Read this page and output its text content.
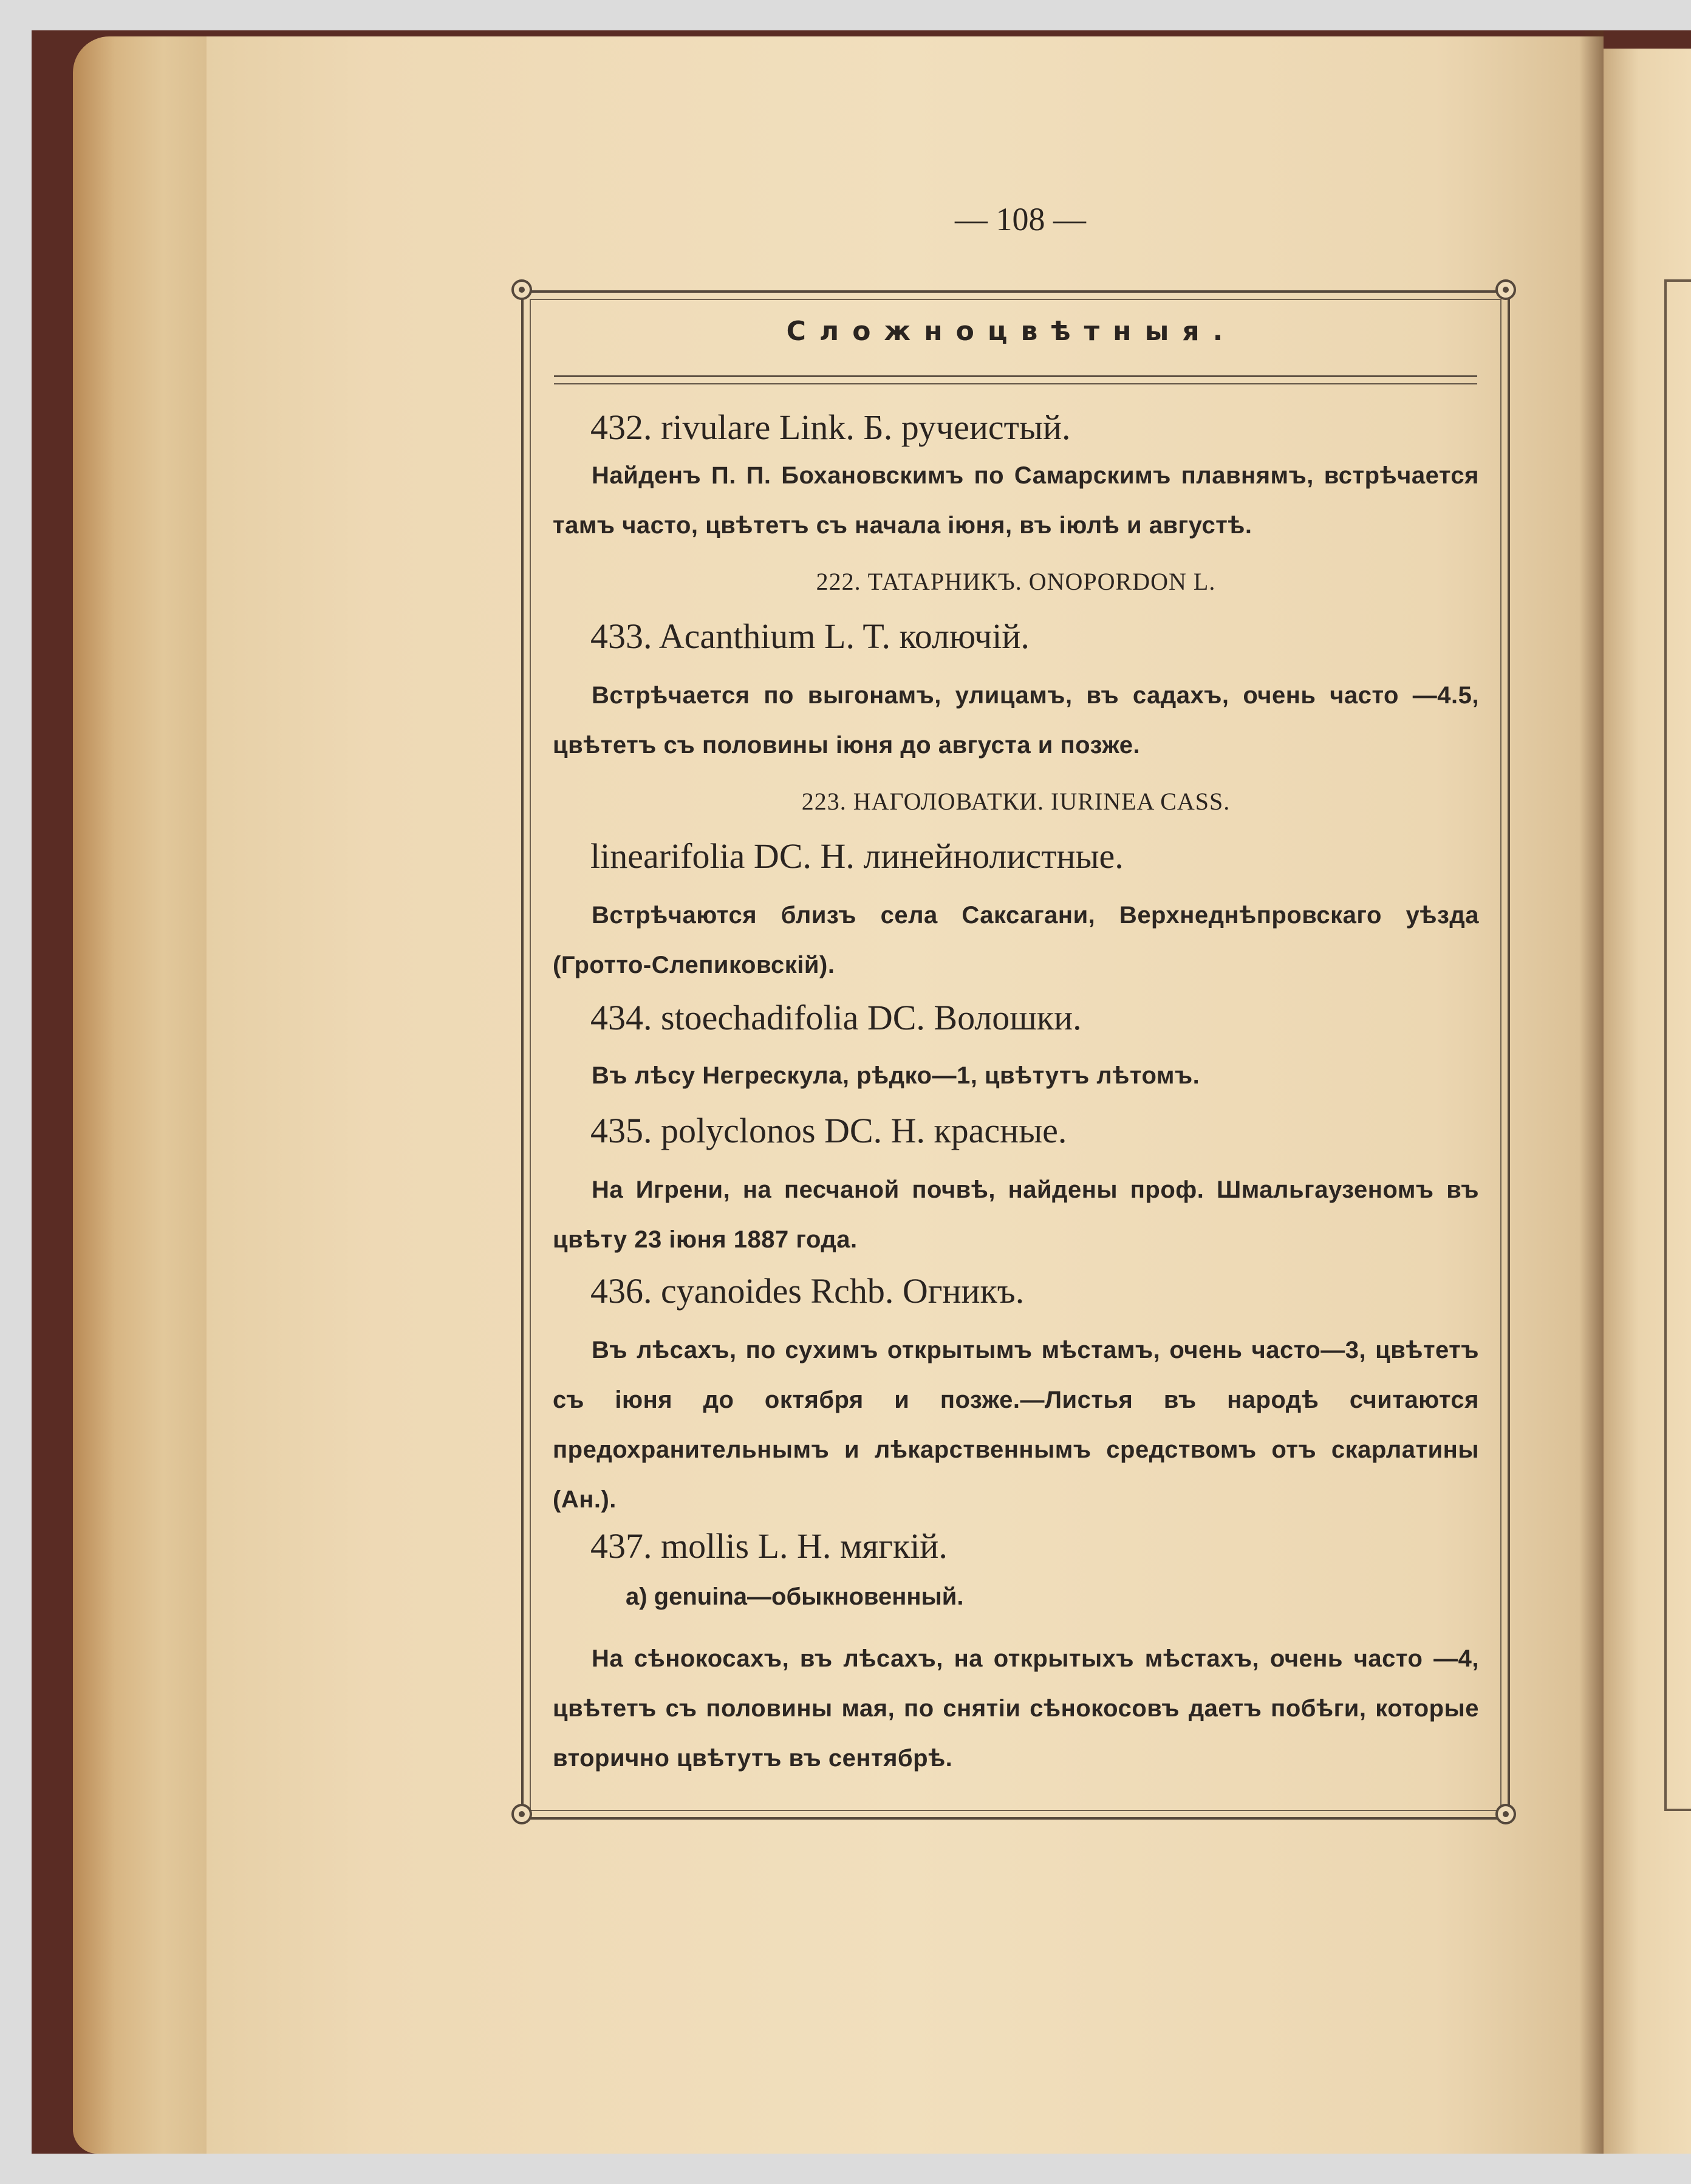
— 108 —
Сложноцвѣтныя.
432. rivulare Link. Б. ручеистый.
Найденъ П. П. Бохановскимъ по Самарскимъ плавнямъ, встрѣчается тамъ часто, цвѣтетъ съ начала іюня, въ іюлѣ и августѣ.
222. ТАТАРНИКЪ. ONOPORDON L.
433. Acanthium L. T. колючій.
Встрѣчается по выгонамъ, улицамъ, въ садахъ, очень часто —4.5, цвѣтетъ съ половины іюня до августа и позже.
223. НАГОЛОВАТКИ. IURINEA CASS.
linearifolia DC. H. линейнолистные.
Встрѣчаются близъ села Саксагани, Верхнеднѣпровскаго уѣзда (Гротто-Слепиковскій).
434. stoechadifolia DC. Волошки.
Въ лѣсу Негрескула, рѣдко—1, цвѣтутъ лѣтомъ.
435. polyclonos DC. H. красные.
На Игрени, на песчаной почвѣ, найдены проф. Шмальгаузеномъ въ цвѣту 23 іюня 1887 года.
436. cyanoides Rchb. Огникъ.
Въ лѣсахъ, по сухимъ открытымъ мѣстамъ, очень часто—3, цвѣтетъ съ іюня до октября и позже.—Листья въ народѣ считаются предохранительнымъ и лѣкарственнымъ средствомъ отъ скарлатины (Ан.).
437. mollis L. H. мягкій.
a) genuina—обыкновенный.
На сѣнокосахъ, въ лѣсахъ, на открытыхъ мѣстахъ, очень часто —4, цвѣтетъ съ половины мая, по снятіи сѣнокосовъ даетъ побѣги, которые вторично цвѣтутъ въ сентябрѣ.
